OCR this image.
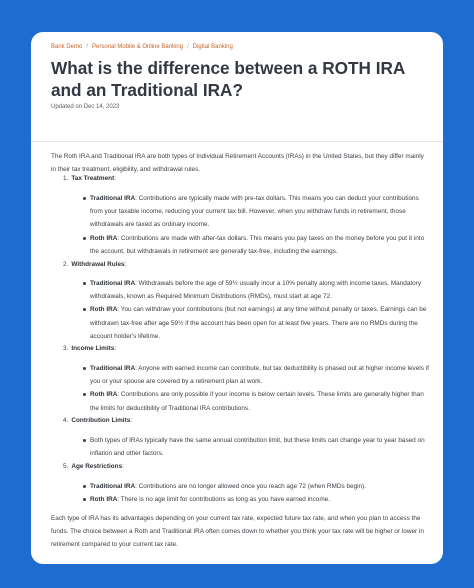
Bank Demo / Personal Mobile & Online Banking / Digital Banking
What is the difference between a ROTH IRA and an Traditional IRA?
Updated on Dec 14, 2023

The Roth IRA and Traditional IRA are both types of Individual Retirement Accounts (IRAs) in the United States, but they differ mainly in their tax treatment, eligibility, and withdrawal rules.

1. Tax Treatment:
Traditional IRA: Contributions are typically made with pre-tax dollars. This means you can deduct your contributions from your taxable income, reducing your current tax bill. However, when you withdraw funds in retirement, those withdrawals are taxed as ordinary income.
Roth IRA: Contributions are made with after-tax dollars. This means you pay taxes on the money before you put it into the account, but withdrawals in retirement are generally tax-free, including the earnings.
2. Withdrawal Rules:
Traditional IRA: Withdrawals before the age of 59½ usually incur a 10% penalty along with income taxes. Mandatory withdrawals, known as Required Minimum Distributions (RMDs), must start at age 72.
Roth IRA: You can withdraw your contributions (but not earnings) at any time without penalty or taxes. Earnings can be withdrawn tax-free after age 59½ if the account has been open for at least five years. There are no RMDs during the account holder's lifetime.
3. Income Limits:
Traditional IRA: Anyone with earned income can contribute, but tax deductibility is phased out at higher income levels if you or your spouse are covered by a retirement plan at work.
Roth IRA: Contributions are only possible if your income is below certain levels. These limits are generally higher than the limits for deductibility of Traditional IRA contributions.
4. Contribution Limits:
Both types of IRAs typically have the same annual contribution limit, but these limits can change year to year based on inflation and other factors.
5. Age Restrictions:
Traditional IRA: Contributions are no longer allowed once you reach age 72 (when RMDs begin).
Roth IRA: There is no age limit for contributions as long as you have earned income.

Each type of IRA has its advantages depending on your current tax rate, expected future tax rate, and when you plan to access the funds. The choice between a Roth and Traditional IRA often comes down to whether you think your tax rate will be higher or lower in retirement compared to your current tax rate.
